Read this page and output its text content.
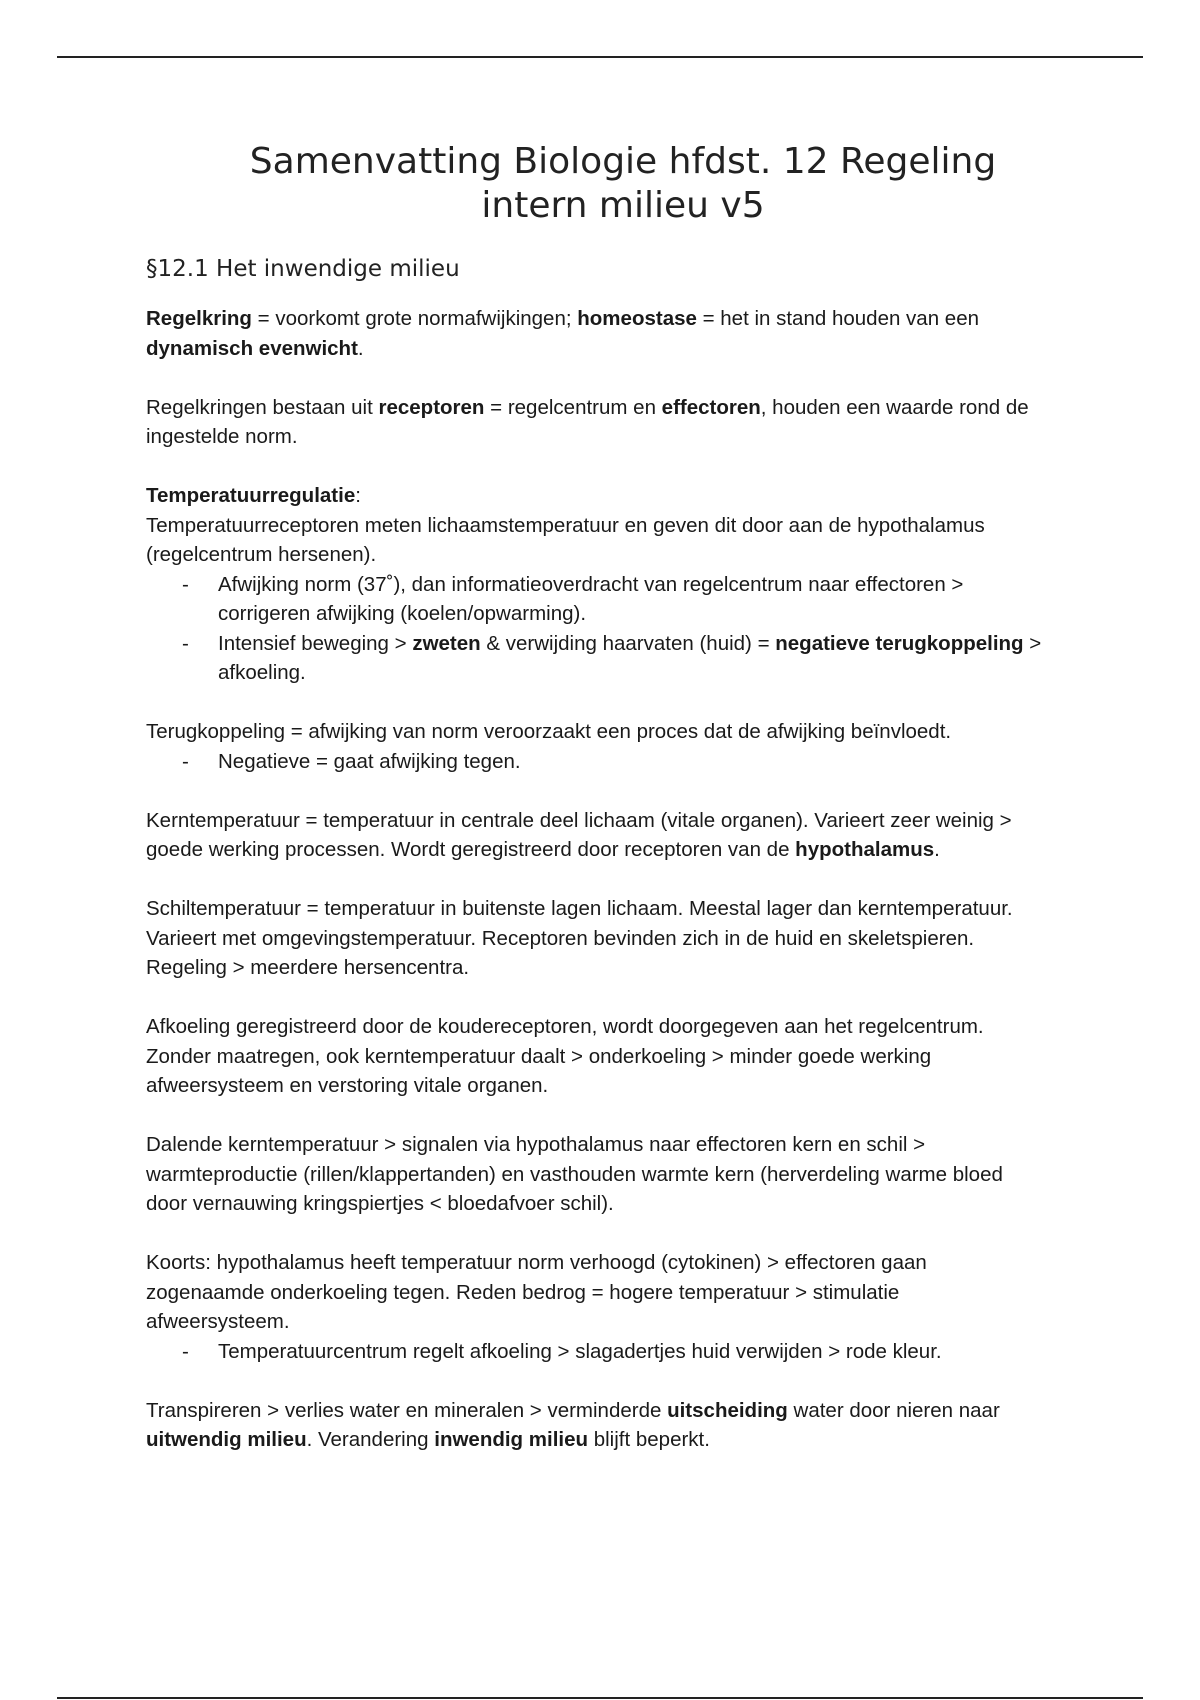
Samenvatting Biologie hfdst. 12 Regeling intern milieu v5
§12.1 Het inwendige milieu

Regelkring = voorkomt grote normafwijkingen; homeostase = het in stand houden van een dynamisch evenwicht.

Regelkringen bestaan uit receptoren = regelcentrum en effectoren, houden een waarde rond de ingestelde norm.

Temperatuurregulatie:
Temperatuurreceptoren meten lichaamstemperatuur en geven dit door aan de hypothalamus (regelcentrum hersenen).

- Afwijking norm (37˚), dan informatieoverdracht van regelcentrum naar effectoren > corrigeren afwijking (koelen/opwarming).
- Intensief beweging > zweten & verwijding haarvaten (huid) = negatieve terugkoppeling > afkoeling.

Terugkoppeling = afwijking van norm veroorzaakt een proces dat de afwijking beïnvloedt.

- Negatieve = gaat afwijking tegen.

Kerntemperatuur = temperatuur in centrale deel lichaam (vitale organen). Varieert zeer weinig > goede werking processen. Wordt geregistreerd door receptoren van de hypothalamus.

Schiltemperatuur = temperatuur in buitenste lagen lichaam. Meestal lager dan kerntemperatuur. Varieert met omgevingstemperatuur. Receptoren bevinden zich in de huid en skeletspieren. Regeling > meerdere hersencentra.

Afkoeling geregistreerd door de koudereceptoren, wordt doorgegeven aan het regelcentrum. Zonder maatregen, ook kerntemperatuur daalt > onderkoeling > minder goede werking afweersysteem en verstoring vitale organen.

Dalende kerntemperatuur > signalen via hypothalamus naar effectoren kern en schil > warmteproductie (rillen/klappertanden) en vasthouden warmte kern (herverdeling warme bloed door vernauwing kringspiertjes < bloedafvoer schil).

Koorts: hypothalamus heeft temperatuur norm verhoogd (cytokinen) > effectoren gaan zogenaamde onderkoeling tegen. Reden bedrog = hogere temperatuur > stimulatie afweersysteem.

- Temperatuurcentrum regelt afkoeling > slagadertjes huid verwijden > rode kleur.

Transpireren > verlies water en mineralen > verminderde uitscheiding water door nieren naar uitwendig milieu. Verandering inwendig milieu blijft beperkt.
